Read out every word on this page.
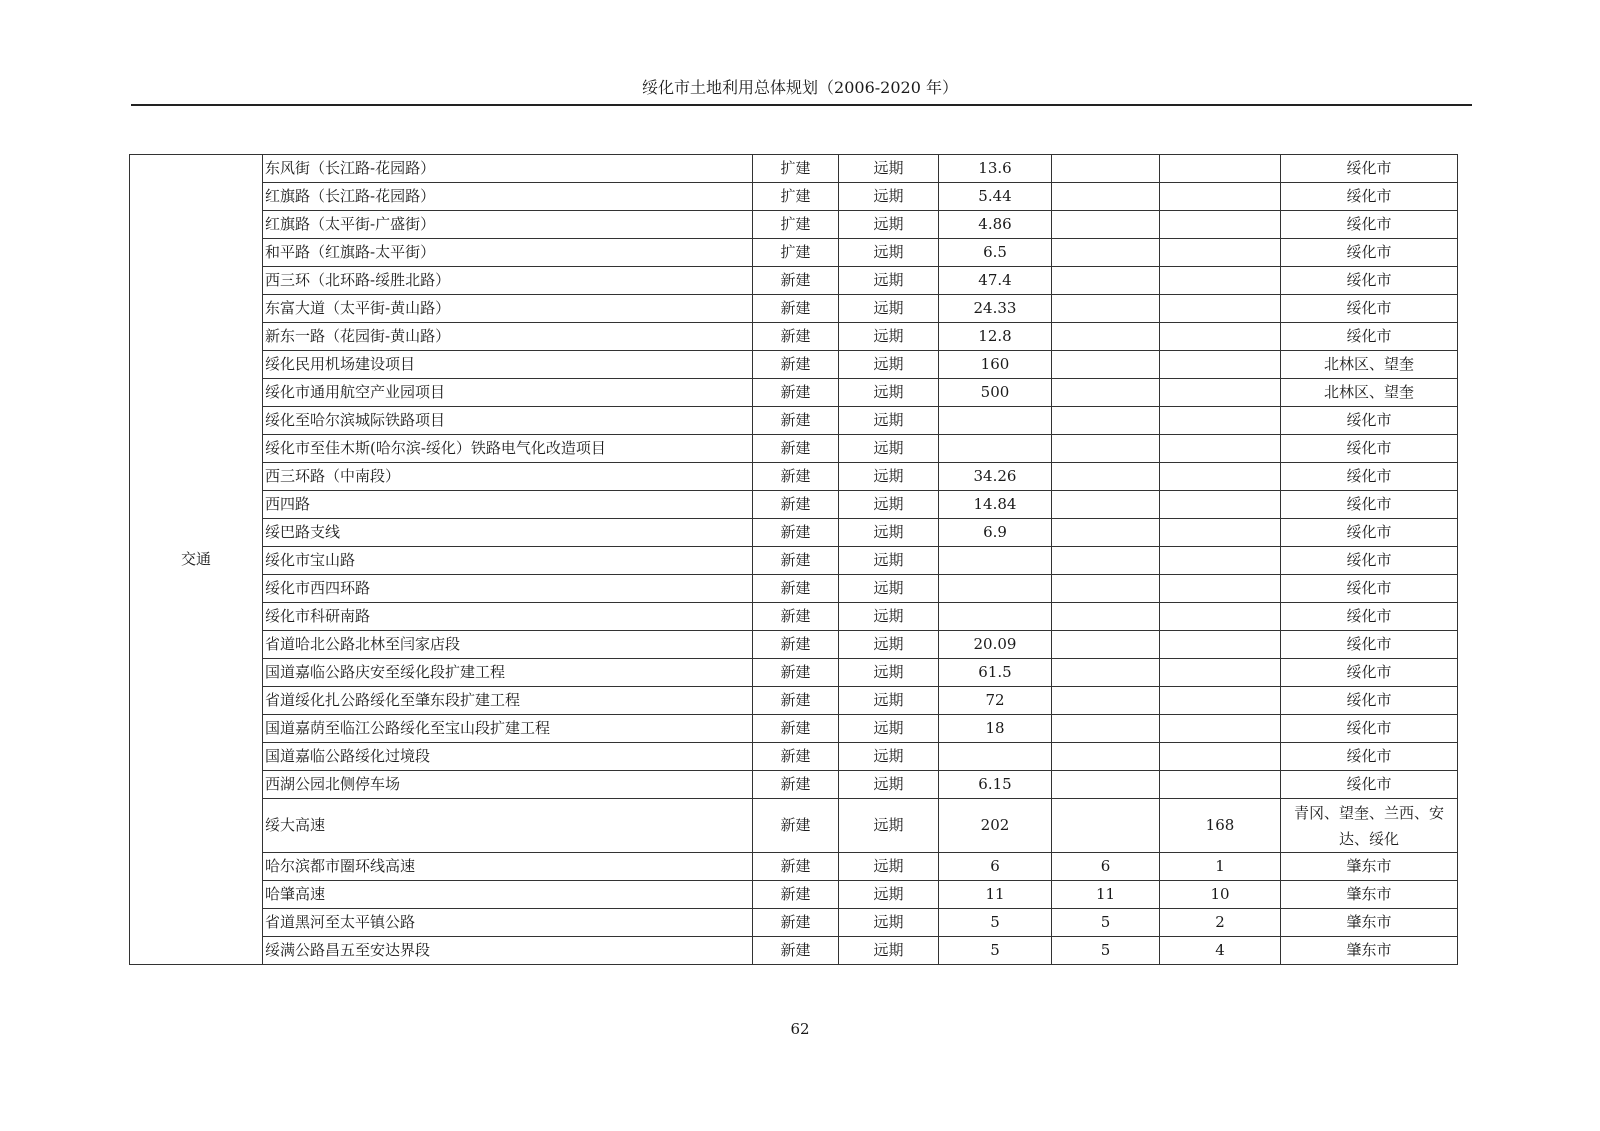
绥化市土地利用总体规划（2006-2020 年）
交通	东风街（长江路-花园路）	扩建	远期	13.6			绥化市
	红旗路（长江路-花园路）	扩建	远期	5.44			绥化市
	红旗路（太平街-广盛街）	扩建	远期	4.86			绥化市
	和平路（红旗路-太平街）	扩建	远期	6.5			绥化市
	西三环（北环路-绥胜北路）	新建	远期	47.4			绥化市
	东富大道（太平街-黄山路）	新建	远期	24.33			绥化市
	新东一路（花园街-黄山路）	新建	远期	12.8			绥化市
	绥化民用机场建设项目	新建	远期	160			北林区、望奎
	绥化市通用航空产业园项目	新建	远期	500			北林区、望奎
	绥化至哈尔滨城际铁路项目	新建	远期				绥化市
	绥化市至佳木斯(哈尔滨-绥化）铁路电气化改造项目	新建	远期				绥化市
	西三环路（中南段）	新建	远期	34.26			绥化市
	西四路	新建	远期	14.84			绥化市
	绥巴路支线	新建	远期	6.9			绥化市
	绥化市宝山路	新建	远期				绥化市
	绥化市西四环路	新建	远期				绥化市
	绥化市科研南路	新建	远期				绥化市
	省道哈北公路北林至闫家店段	新建	远期	20.09			绥化市
	国道嘉临公路庆安至绥化段扩建工程	新建	远期	61.5			绥化市
	省道绥化扎公路绥化至肇东段扩建工程	新建	远期	72			绥化市
	国道嘉荫至临江公路绥化至宝山段扩建工程	新建	远期	18			绥化市
	国道嘉临公路绥化过境段	新建	远期				绥化市
	西湖公园北侧停车场	新建	远期	6.15			绥化市
	绥大高速	新建	远期	202		168	青冈、望奎、兰西、安达、绥化
	哈尔滨都市圈环线高速	新建	远期	6	6	1	肇东市
	哈肇高速	新建	远期	11	11	10	肇东市
	省道黑河至太平镇公路	新建	远期	5	5	2	肇东市
	绥满公路昌五至安达界段	新建	远期	5	5	4	肇东市
62
